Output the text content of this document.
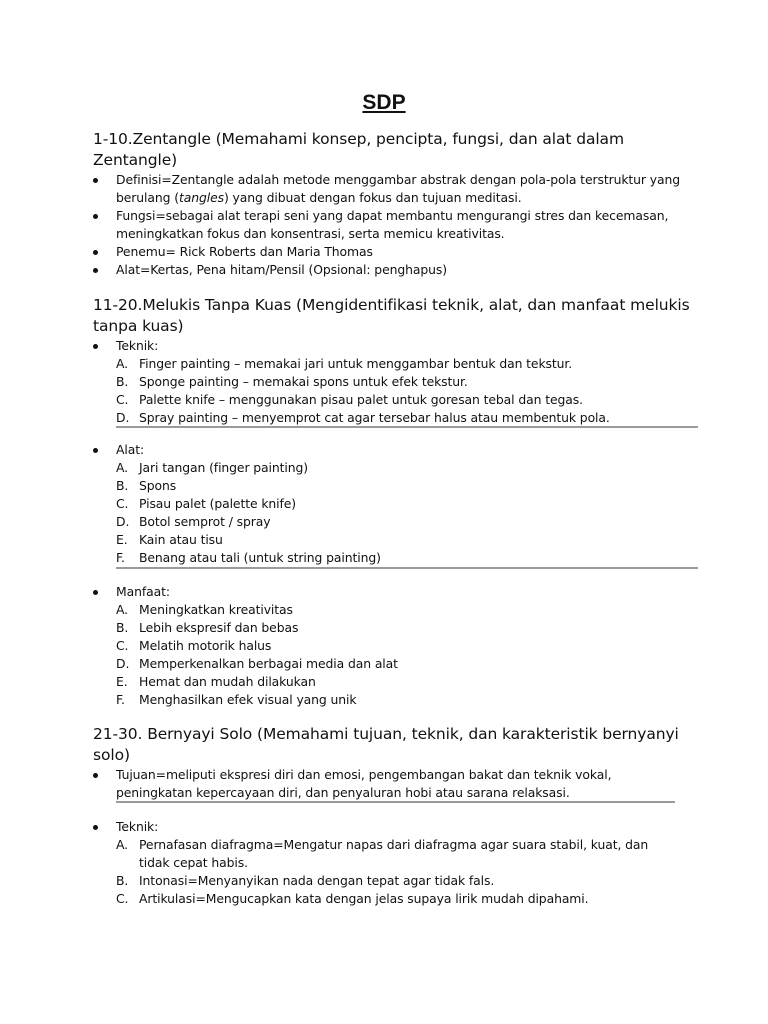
SDP
1-10.Zentangle (Memahami konsep, pencipta, fungsi, dan alat dalam Zentangle)
Definisi=Zentangle adalah metode menggambar abstrak dengan pola-pola terstruktur yang berulang (tangles) yang dibuat dengan fokus dan tujuan meditasi.
Fungsi=sebagai alat terapi seni yang dapat membantu mengurangi stres dan kecemasan, meningkatkan fokus dan konsentrasi, serta memicu kreativitas.
Penemu= Rick Roberts dan Maria Thomas
Alat=Kertas, Pena hitam/Pensil (Opsional: penghapus)
11-20.Melukis Tanpa Kuas (Mengidentifikasi teknik, alat, dan manfaat melukis tanpa kuas)
Teknik:
A. Finger painting – memakai jari untuk menggambar bentuk dan tekstur.
B. Sponge painting – memakai spons untuk efek tekstur.
C. Palette knife – menggunakan pisau palet untuk goresan tebal dan tegas.
D. Spray painting – menyemprot cat agar tersebar halus atau membentuk pola.
Alat:
A. Jari tangan (finger painting)
B. Spons
C. Pisau palet (palette knife)
D. Botol semprot / spray
E. Kain atau tisu
F. Benang atau tali (untuk string painting)
Manfaat:
A. Meningkatkan kreativitas
B. Lebih ekspresif dan bebas
C. Melatih motorik halus
D. Memperkenalkan berbagai media dan alat
E. Hemat dan mudah dilakukan
F. Menghasilkan efek visual yang unik
21-30. Bernyayi Solo (Memahami tujuan, teknik, dan karakteristik bernyanyi solo)
Tujuan=meliputi ekspresi diri dan emosi, pengembangan bakat dan teknik vokal, peningkatan kepercayaan diri, dan penyaluran hobi atau sarana relaksasi.
Teknik:
A. Pernafasan diafragma=Mengatur napas dari diafragma agar suara stabil, kuat, dan tidak cepat habis.
B. Intonasi=Menyanyikan nada dengan tepat agar tidak fals.
C. Artikulasi=Mengucapkan kata dengan jelas supaya lirik mudah dipahami.
